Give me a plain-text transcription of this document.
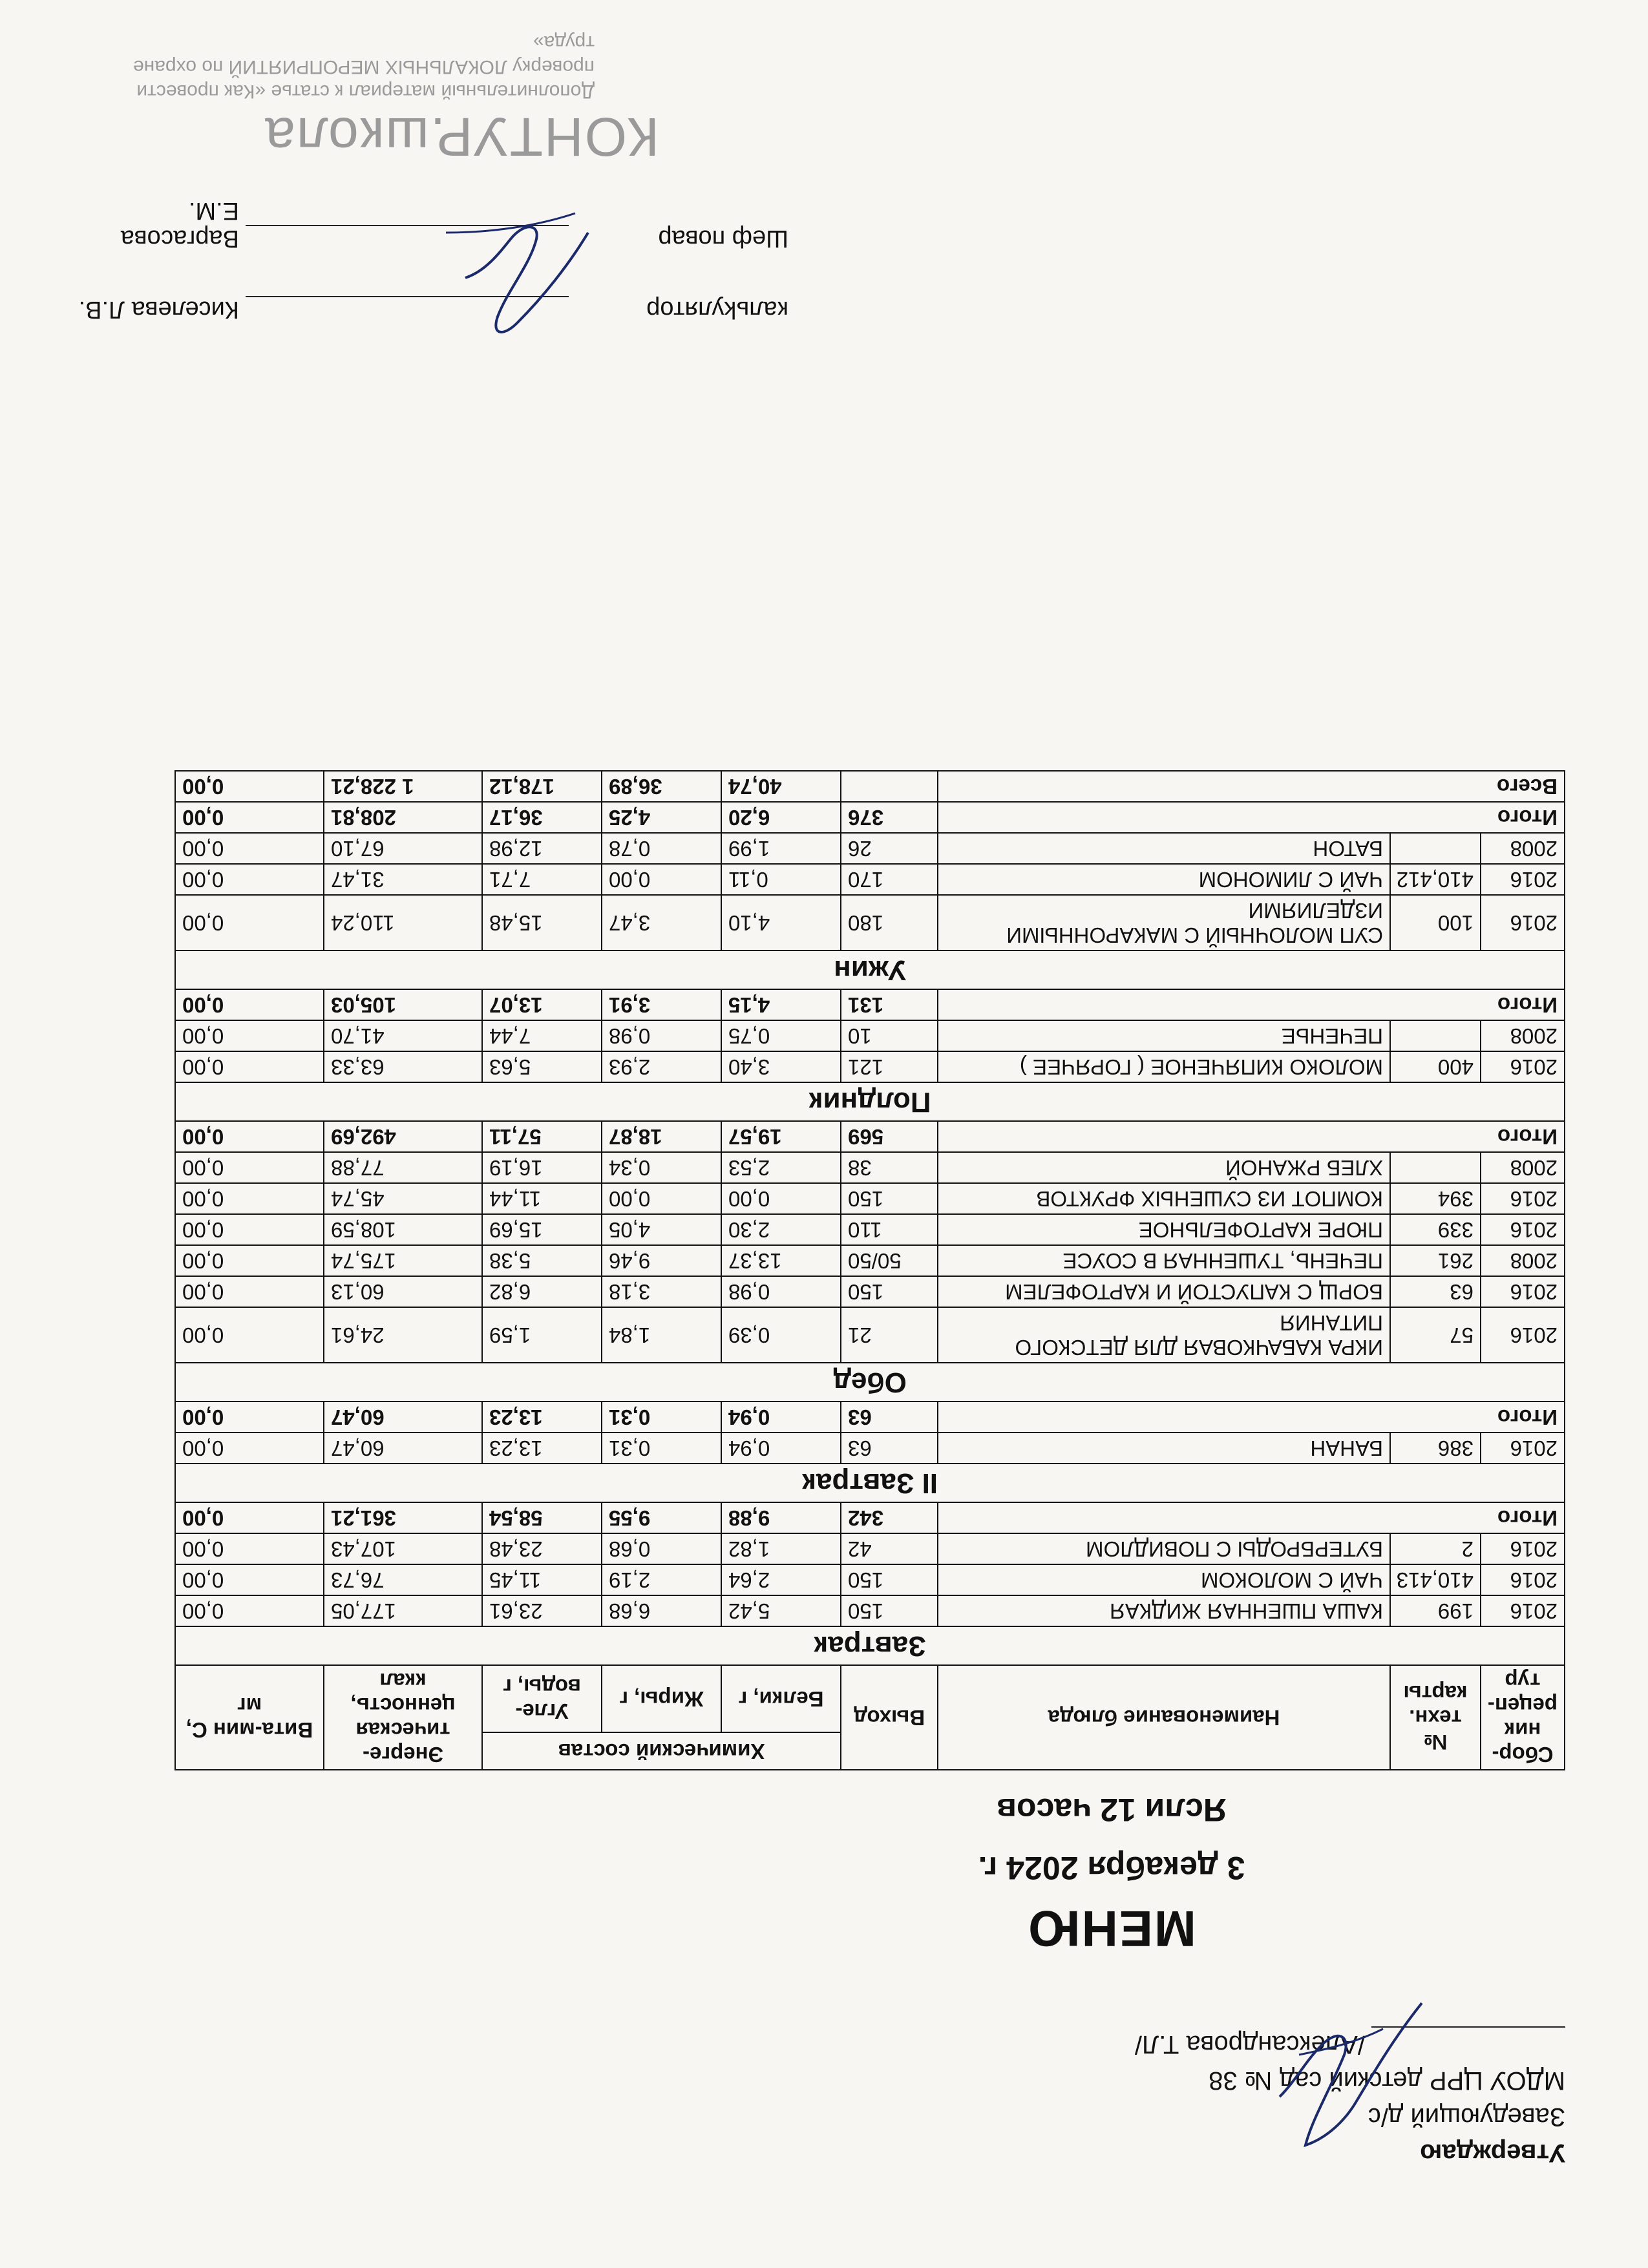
Утверждаю
Заведующий д/с
МДОУ ЦРР детский сад № 38
/Александрова Т.Л/
МЕНЮ
3 декабря 2024 г.
Ясли 12 часов
Сбор-ник рецеп-тур	№ техн. карты	Наименование блюда	Выход	Химический состав			Энерге-тическая ценность, ккал	Вита-мин С, мг
				Белки, г	Жиры, г	Угле-воды, г		
Завтрак								
2016	199	КАША ПШЕННАЯ ЖИДКАЯ	150	5,42	6,68	23,61	177,05	0,00
2016	410,413	ЧАЙ С МОЛОКОМ	150	2,64	2,19	11,45	76,73	0,00
2016	2	БУТЕРБРОДЫ С ПОВИДЛОМ	42	1,82	0,68	23,48	107,43	0,00
Итого			342	9,88	9,55	58,54	361,21	0,00
II Завтрак								
2016	386	БАНАН	63	0,94	0,31	13,23	60,47	0,00
Итого			63	0,94	0,31	13,23	60,47	0,00
Обед								
2016	57	ИКРА КАБАЧКОВАЯ ДЛЯ ДЕТСКОГО ПИТАНИЯ	21	0,39	1,84	1,59	24,61	0,00
2016	63	БОРЩ С КАПУСТОЙ И КАРТОФЕЛЕМ	150	0,98	3,18	6,82	60,13	0,00
2008	261	ПЕЧЕНЬ, ТУШЕННАЯ В СОУСЕ	50/50	13,37	9,46	5,38	175,74	0,00
2016	339	ПЮРЕ КАРТОФЕЛЬНОЕ	110	2,30	4,05	15,69	108,59	0,00
2016	394	КОМПОТ ИЗ СУШЕНЫХ ФРУКТОВ	150	0,00	0,00	11,44	45,74	0,00
2008		ХЛЕБ РЖАНОЙ	38	2,53	0,34	16,19	77,88	0,00
Итого			569	19,57	18,87	57,11	492,69	0,00
Полдник								
2016	400	МОЛОКО КИПЯЧЕНОЕ ( ГОРЯЧЕЕ )	121	3,40	2,93	5,63	63,33	0,00
2008		ПЕЧЕНЬЕ	10	0,75	0,98	7,44	41,70	0,00
Итого			131	4,15	3,91	13,07	105,03	0,00
Ужин								
2016	100	СУП МОЛОЧНЫЙ С МАКАРОННЫМИ ИЗДЕЛИЯМИ	180	4,10	3,47	15,48	110,24	0,00
2016	410,412	ЧАЙ С ЛИМОНОМ	170	0,11	0,00	7,71	31,47	0,00
2008		БАТОН	26	1,99	0,78	12,98	67,10	0,00
Итого			376	6,20	4,25	36,17	208,81	0,00
Всего				40,74	36,89	178,12	1 228,21	0,00
кальkулятор
Киселева Л.В.
Шеф повар
Варгасова Е.М.
КОНТУР.школа
Дополнительный материал к статье «Как провести проверку ЛОКАЛЬНЫХ МЕРОПРИЯТИЙ по охране труда»
